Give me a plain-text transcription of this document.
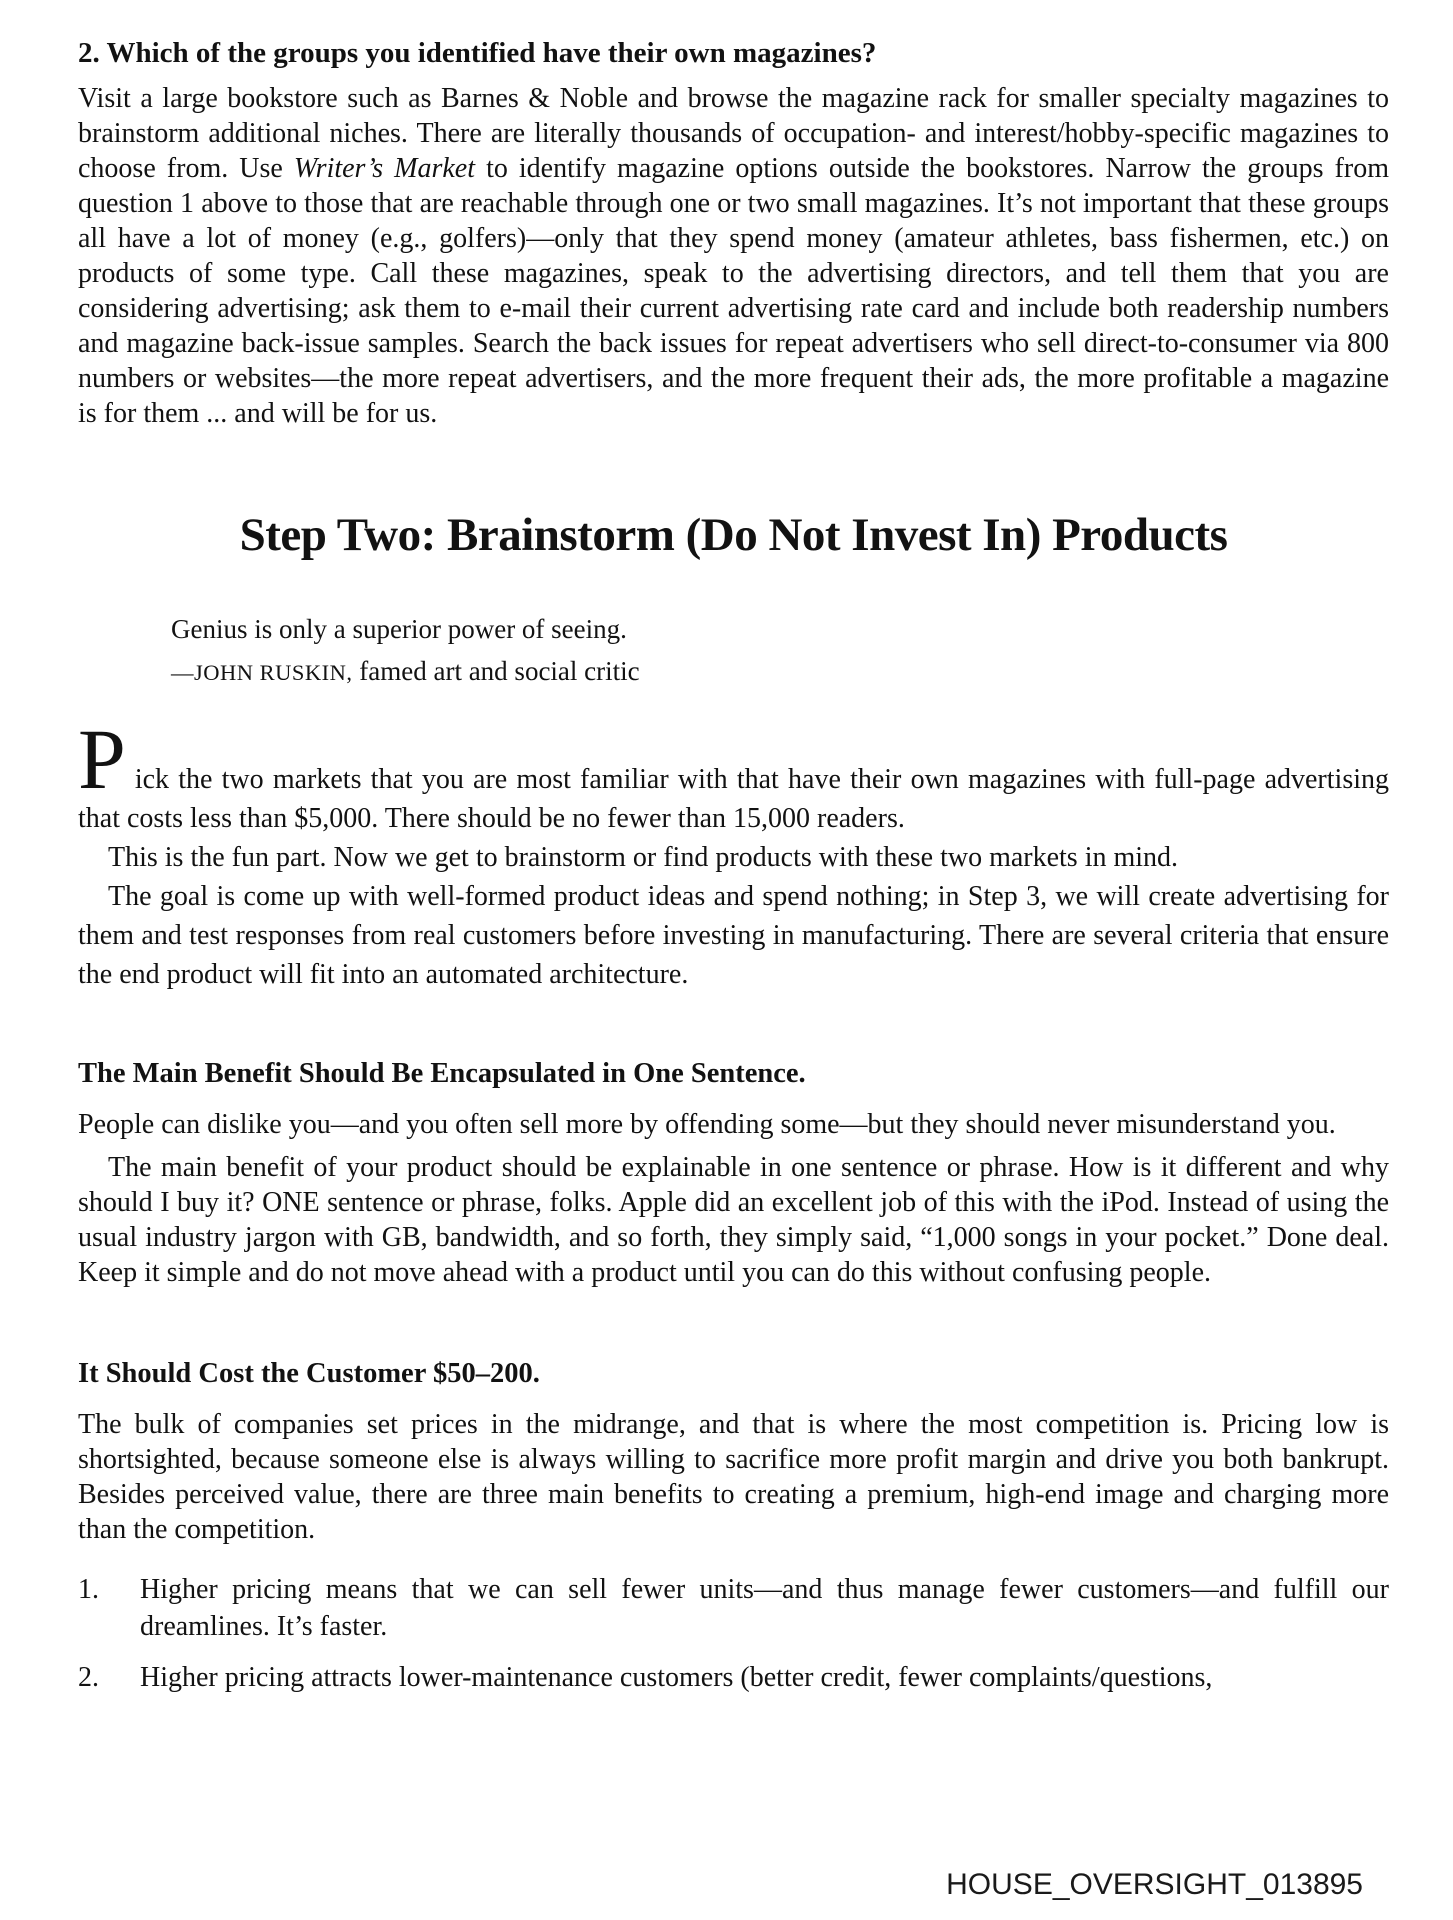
2. Which of the groups you identified have their own magazines?

Visit a large bookstore such as Barnes & Noble and browse the magazine rack for smaller specialty magazines to brainstorm additional niches. There are literally thousands of occupation- and interest/hobby-specific magazines to choose from. Use Writer’s Market to identify magazine options outside the bookstores. Narrow the groups from question 1 above to those that are reachable through one or two small magazines. It’s not important that these groups all have a lot of money (e.g., golfers)—only that they spend money (amateur athletes, bass fishermen, etc.) on products of some type. Call these magazines, speak to the advertising directors, and tell them that you are considering advertising; ask them to e-mail their current advertising rate card and include both readership numbers and magazine back-issue samples. Search the back issues for repeat advertisers who sell direct-to-consumer via 800 numbers or websites—the more repeat advertisers, and the more frequent their ads, the more profitable a magazine is for them ... and will be for us.

Step Two: Brainstorm (Do Not Invest In) Products
Genius is only a superior power of seeing.
—JOHN RUSKIN, famed art and social critic

Pick the two markets that you are most familiar with that have their own magazines with full-page advertising that costs less than $5,000. There should be no fewer than 15,000 readers.

This is the fun part. Now we get to brainstorm or find products with these two markets in mind.

The goal is come up with well-formed product ideas and spend nothing; in Step 3, we will create advertising for them and test responses from real customers before investing in manufacturing. There are several criteria that ensure the end product will fit into an automated architecture.

The Main Benefit Should Be Encapsulated in One Sentence.

People can dislike you—and you often sell more by offending some—but they should never misunderstand you.

The main benefit of your product should be explainable in one sentence or phrase. How is it different and why should I buy it? ONE sentence or phrase, folks. Apple did an excellent job of this with the iPod. Instead of using the usual industry jargon with GB, bandwidth, and so forth, they simply said, “1,000 songs in your pocket.” Done deal. Keep it simple and do not move ahead with a product until you can do this without confusing people.

It Should Cost the Customer $50–200.

The bulk of companies set prices in the midrange, and that is where the most competition is. Pricing low is shortsighted, because someone else is always willing to sacrifice more profit margin and drive you both bankrupt. Besides perceived value, there are three main benefits to creating a premium, high-end image and charging more than the competition.

1.	Higher pricing means that we can sell fewer units—and thus manage fewer customers—and fulfill our dreamlines. It’s faster.
2.	Higher pricing attracts lower-maintenance customers (better credit, fewer complaints/questions,
HOUSE_OVERSIGHT_013895
